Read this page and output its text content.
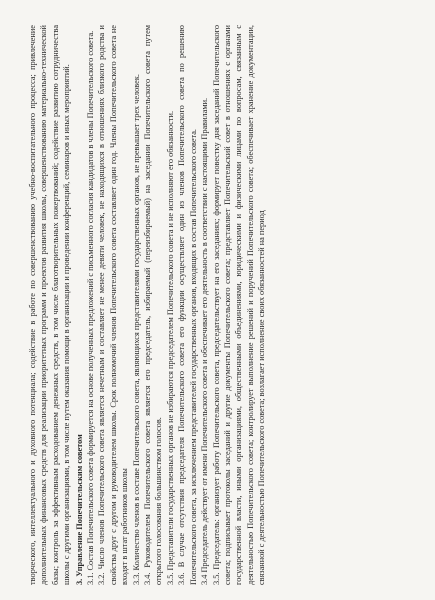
творческого, интеллектуального и духовного потенциала; содействие в работе по совершенствованию учебно-воспитательного процесса; привлечение дополнительных финансовых средств для реализации приоритетных программ и проектов развития школы, совершенствованию материально-технической базы; контроль за эффективным расходованием денежных средств, в том числе благотворительных пожертвований; содействие развитию сотрудничества школы с другими организациями, в том числе путем оказания помощи в организации и проведении конференций, семинаров и иных мероприятий. 3. Управление Попечительским советом 3.1. Состав Попечительского совета формируется на основе полученных предложений с письменного согласия кандидатов в члены Попечительского совета. 3.2. Число членов Попечительского совета является нечетным и составляет не менее девяти человек, не находящихся в отношениях близкого родства и свойства друг с другом и руководителем школы. Срок полномочий членов Попечительского совета составляет один год. Члены Попечительского совета не входят в штат работников школы 3.3. Количество членов в составе Попечительского совета, являющихся представителями государственных органов, не превышает трех человек. 3.4. Руководителем Попечительского совета является его председатель, избираемый (переизбираемый) на заседании Попечительского совета путем открытого голосования большинством голосов. 3.5. Представители государственных органов не избираются председателем Попечительского совета и не исполняют его обязанности. 3.6. В случае отсутствия председателя Попечительского совета его функции осуществляет один из членов Попечительского совета по решению Попечительского совета, за исключением представителей государственных органов, входящих в состав Попечительского совета. 3.4 Председатель действует от имени Попечительского совета и обеспечивает его деятельность в соответствии с настоящими Правилами. 3.5. Председатель: организует работу Попечительского совета, председательствует на его заседаниях; формирует повестку дня заседаний Попечительского совета; подписывает протоколы заседаний и другие документы Попечительского совета; представляет Попечительский совет в отношениях с органами государственной власти, иными организациями, общественными объединениями, юридическими и физическими лицами по вопросам, связанным с деятельностью Попечительского совета; контролирует выполнение решений и поручений Попечительского совета; обеспечивает хранение документации, связанной с деятельностью Попечительского совета; возлагает исполнение своих обязанностей на период
